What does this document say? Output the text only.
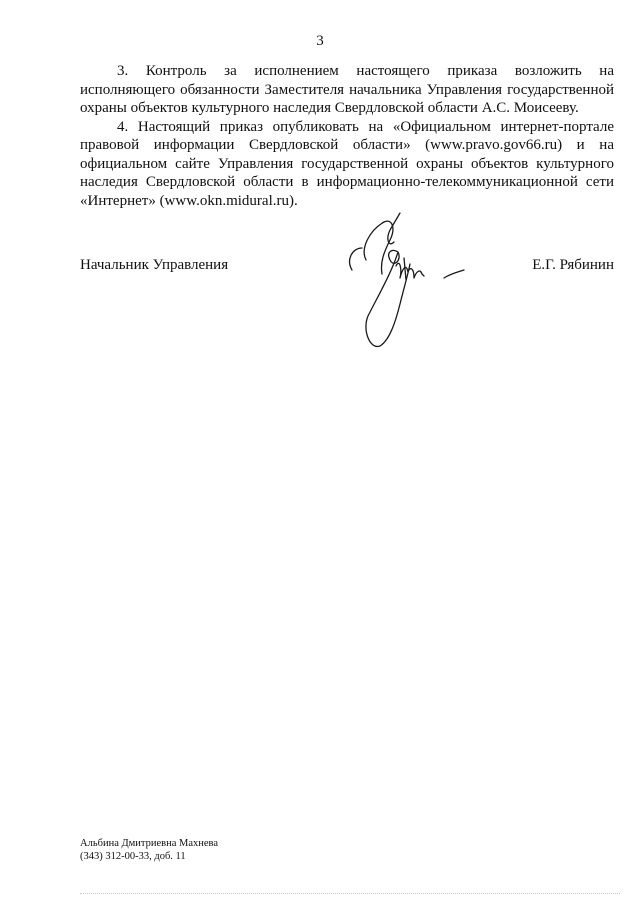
3

3. Контроль за исполнением настоящего приказа возложить на исполняющего обязанности Заместителя начальника Управления государственной охраны объектов культурного наследия Свердловской области А.С. Моисееву.

4. Настоящий приказ опубликовать на «Официальном интернет-портале правовой информации Свердловской области» (www.pravo.gov66.ru) и на официальном сайте Управления государственной охраны объектов культурного наследия Свердловской области в информационно-телекоммуникационной сети «Интернет» (www.okn.midural.ru).

Начальник Управления	Е.Г. Рябинин
Альбина Дмитриевна Махнева
(343) 312-00-33, доб. 11
